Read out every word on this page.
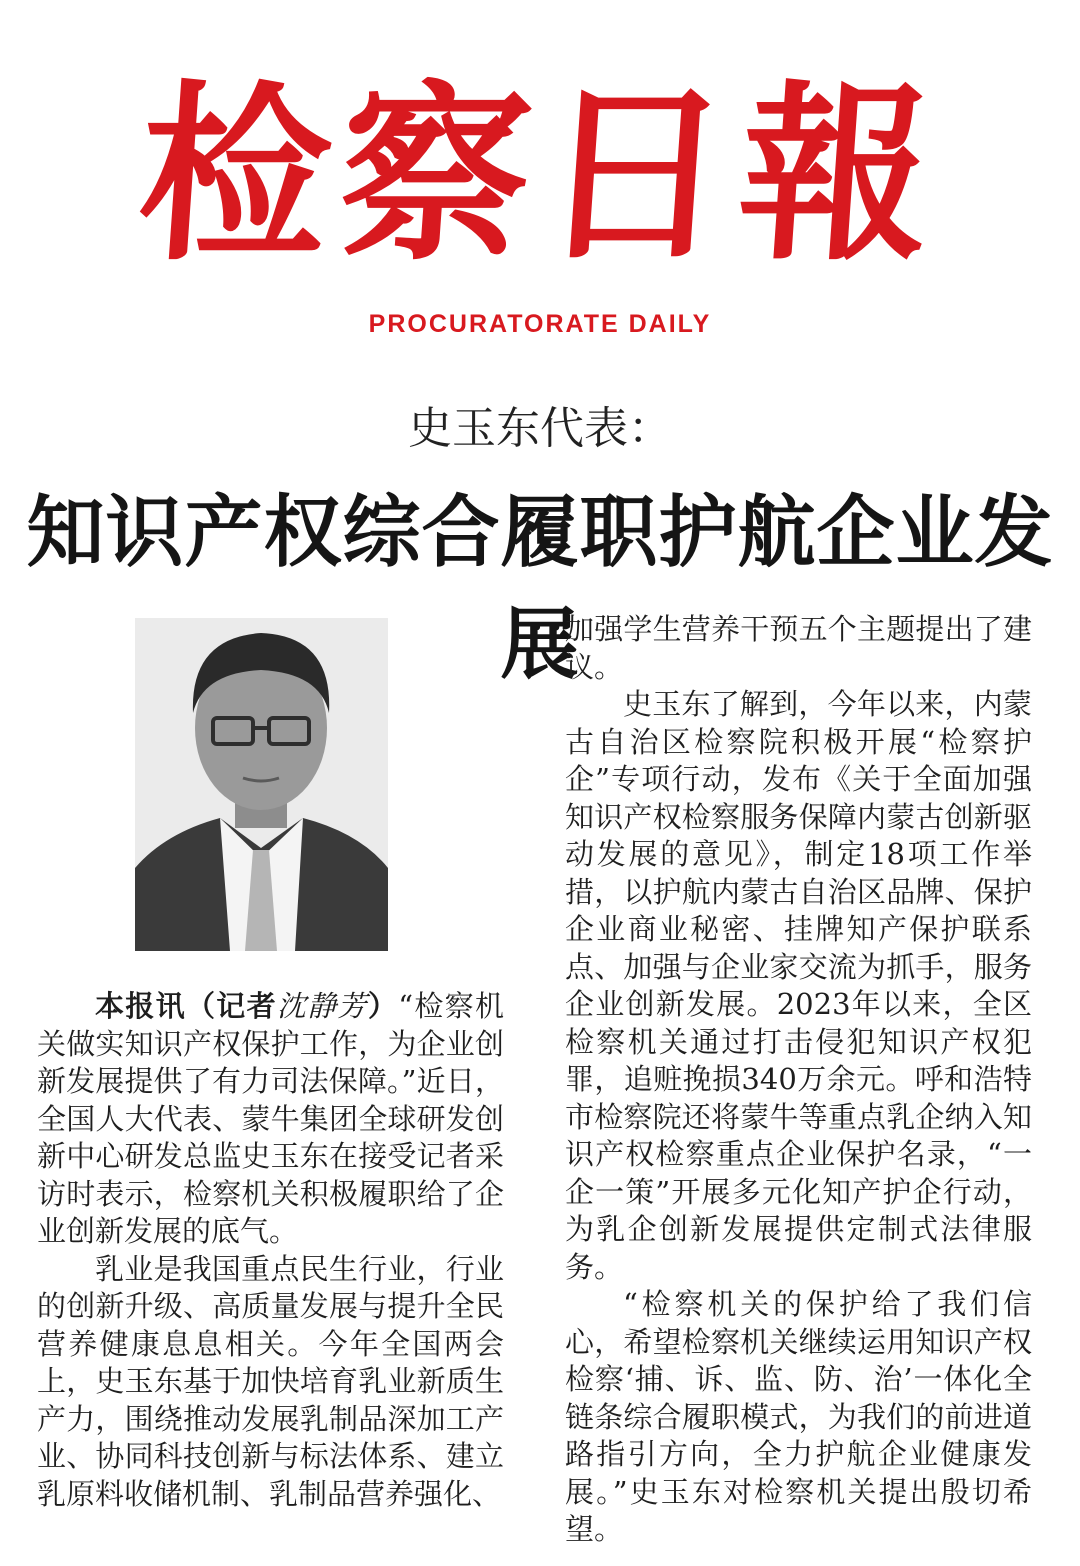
检察日報
PROCURATORATE DAILY
史玉东代表：
知识产权综合履职护航企业发展

本报讯（记者沈静芳）“检察机关做实知识产权保护工作，为企业创新发展提供了有力司法保障。”近日，全国人大代表、蒙牛集团全球研发创新中心研发总监史玉东在接受记者采访时表示，检察机关积极履职给了企业创新发展的底气。

乳业是我国重点民生行业，行业的创新升级、高质量发展与提升全民营养健康息息相关。今年全国两会上，史玉东基于加快培育乳业新质生产力，围绕推动发展乳制品深加工产业、协同科技创新与标法体系、建立乳原料收储机制、乳制品营养强化、

加强学生营养干预五个主题提出了建议。

史玉东了解到，今年以来，内蒙古自治区检察院积极开展“检察护企”专项行动，发布《关于全面加强知识产权检察服务保障内蒙古创新驱动发展的意见》，制定18项工作举措，以护航内蒙古自治区品牌、保护企业商业秘密、挂牌知产保护联系点、加强与企业家交流为抓手，服务企业创新发展。2023年以来，全区检察机关通过打击侵犯知识产权犯罪，追赃挽损340万余元。呼和浩特市检察院还将蒙牛等重点乳企纳入知识产权检察重点企业保护名录，“一企一策”开展多元化知产护企行动，为乳企创新发展提供定制式法律服务。

“检察机关的保护给了我们信心，希望检察机关继续运用知识产权检察‘捕、诉、监、防、治’一体化全链条综合履职模式，为我们的前进道路指引方向，全力护航企业健康发展。”史玉东对检察机关提出殷切希望。
